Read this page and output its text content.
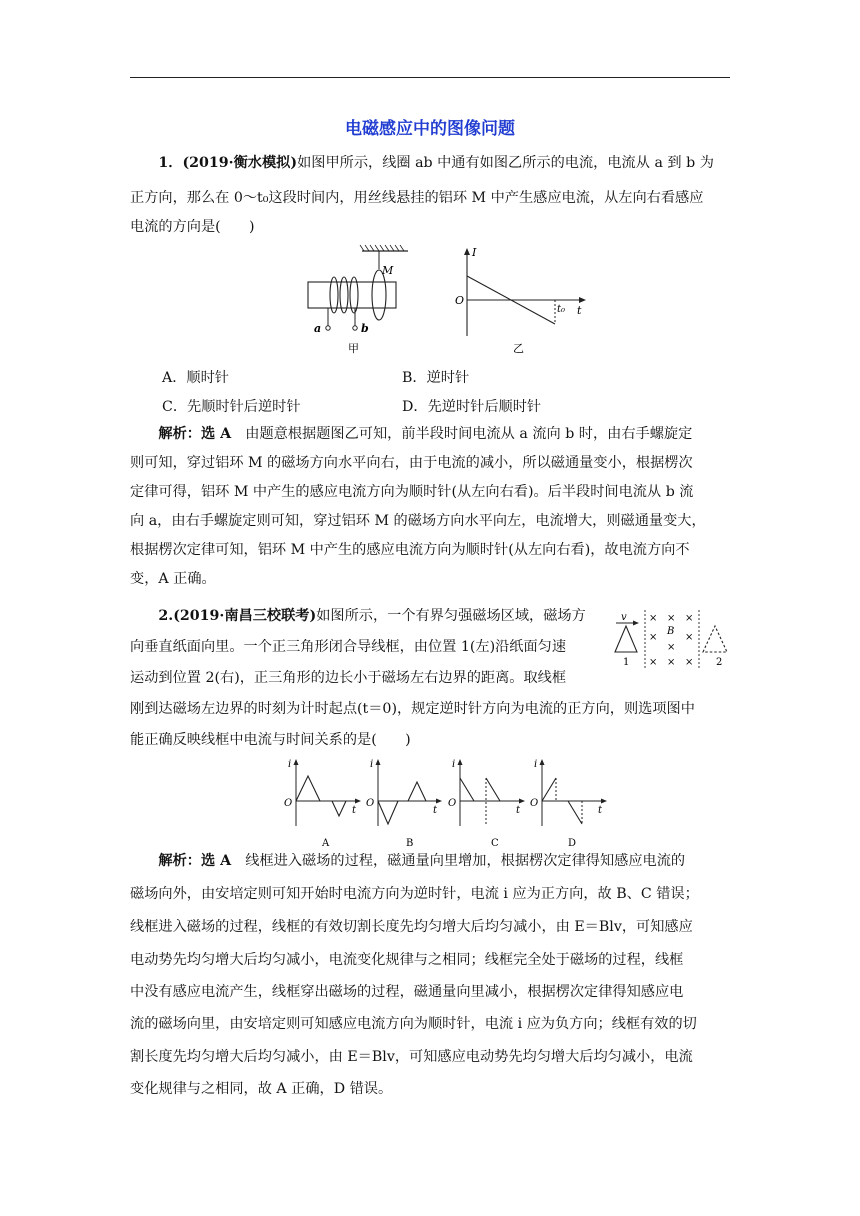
电磁感应中的图像问题

1．(2019·衡水模拟)如图甲所示，线圈 ab 中通有如图乙所示的电流，电流从 a 到 b 为

正方向，那么在 0～t₀这段时间内，用丝线悬挂的铝环 M 中产生感应电流，从左向右看感应

电流的方向是(　　)

M
a	b
甲
I
O
t₀ t
乙
A．顺时针	B．逆时针
C．先顺时针后逆时针	D．先逆时针后顺时针

解析：选 A　由题意根据题图乙可知，前半段时间电流从 a 流向 b 时，由右手螺旋定

则可知，穿过铝环 M 的磁场方向水平向右，由于电流的减小，所以磁通量变小，根据楞次

定律可得，铝环 M 中产生的感应电流方向为顺时针(从左向右看)。后半段时间电流从 b 流

向 a，由右手螺旋定则可知，穿过铝环 M 的磁场方向水平向左，电流增大，则磁通量变大，

根据楞次定律可知，铝环 M 中产生的感应电流方向为顺时针(从左向右看)，故电流方向不

变，A 正确。

2.(2019·南昌三校联考)如图所示，一个有界匀强磁场区域，磁场方

向垂直纸面向里。一个正三角形闭合导线框，由位置 1(左)沿纸面匀速

运动到位置 2(右)，正三角形的边长小于磁场左右边界的距离。取线框

刚到达磁场左边界的时刻为计时起点(t＝0)，规定逆时针方向为电流的正方向，则选项图中

能正确反映线框中电流与时间关系的是(　　)

v
1
× × ×
×	×
× × ×
×
B
2
i
O
t
A
i
O
t
B
i
O
t
C
i
O
t
D

解析：选 A　线框进入磁场的过程，磁通量向里增加，根据楞次定律得知感应电流的

磁场向外，由安培定则可知开始时电流方向为逆时针，电流 i 应为正方向，故 B、C 错误；

线框进入磁场的过程，线框的有效切割长度先均匀增大后均匀减小，由 E＝Blv，可知感应

电动势先均匀增大后均匀减小，电流变化规律与之相同；线框完全处于磁场的过程，线框

中没有感应电流产生，线框穿出磁场的过程，磁通量向里减小，根据楞次定律得知感应电

流的磁场向里，由安培定则可知感应电流方向为顺时针，电流 i 应为负方向；线框有效的切

割长度先均匀增大后均匀减小，由 E＝Blv，可知感应电动势先均匀增大后均匀减小，电流

变化规律与之相同，故 A 正确，D 错误。
